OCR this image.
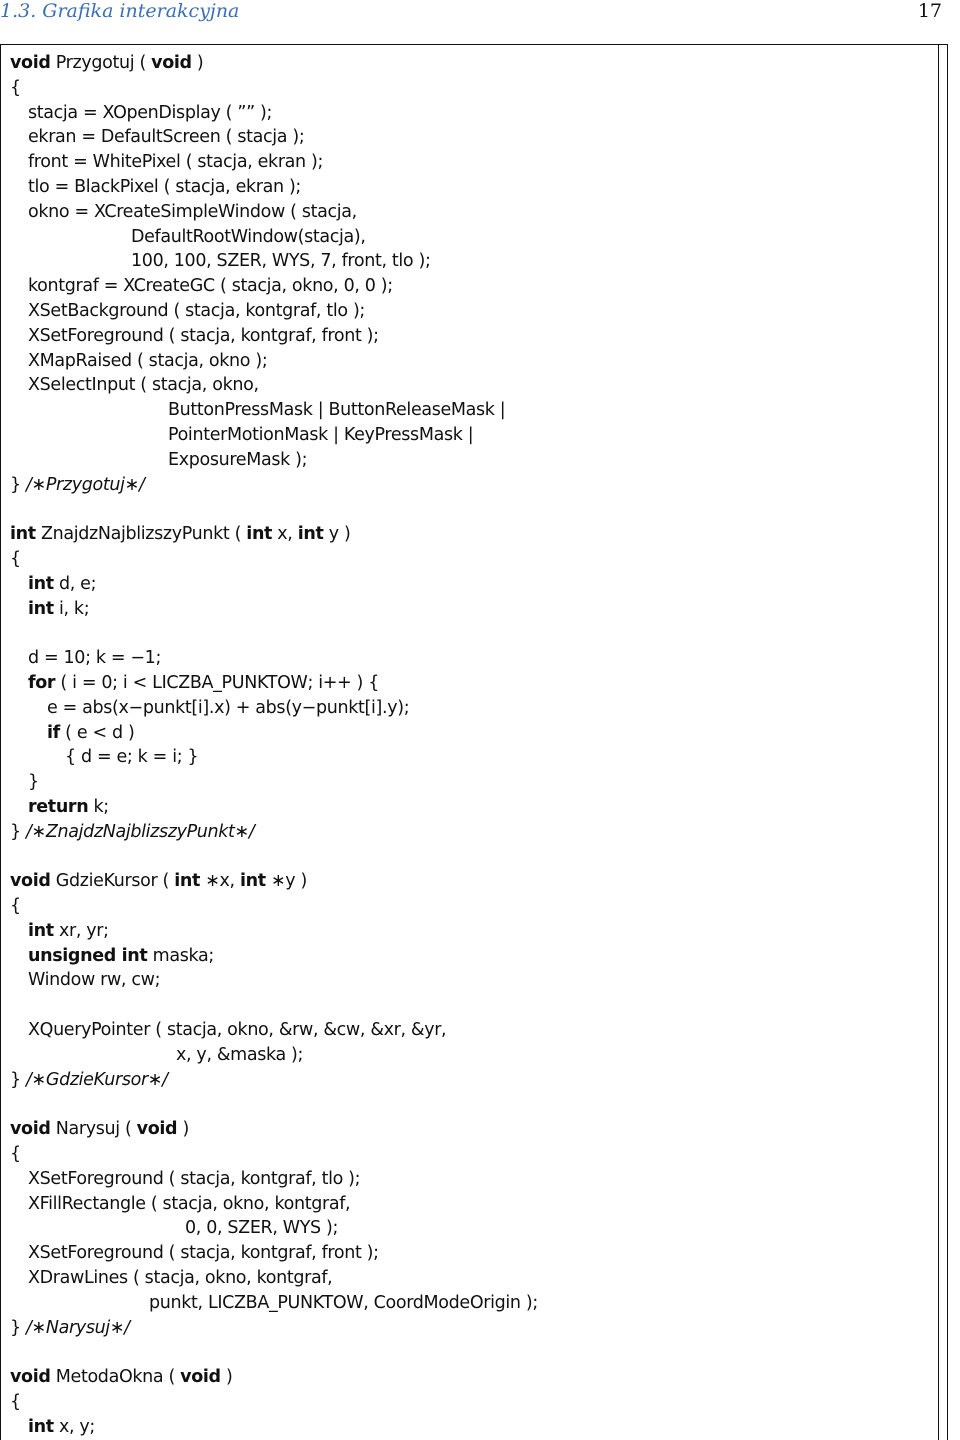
1.3. Grafika interakcyjna	17
void Przygotuj ( void )
{
stacja = XOpenDisplay ( ”” );
ekran = DefaultScreen ( stacja );
front = WhitePixel ( stacja, ekran );
tlo = BlackPixel ( stacja, ekran );
okno = XCreateSimpleWindow ( stacja,
DefaultRootWindow(stacja),
100, 100, SZER, WYS, 7, front, tlo );
kontgraf = XCreateGC ( stacja, okno, 0, 0 );
XSetBackground ( stacja, kontgraf, tlo );
XSetForeground ( stacja, kontgraf, front );
XMapRaised ( stacja, okno );
XSelectInput ( stacja, okno,
ButtonPressMask | ButtonReleaseMask |
PointerMotionMask | KeyPressMask |
ExposureMask );
} /∗Przygotuj∗/
int ZnajdzNajblizszyPunkt ( int x, int y )
{
int d, e;
int i, k;
d = 10; k = −1;
for ( i = 0; i < LICZBA_PUNKTOW; i++ ) {
e = abs(x−punkt[i].x) + abs(y−punkt[i].y);
if ( e < d )
{ d = e; k = i; }
}
return k;
} /∗ZnajdzNajblizszyPunkt∗/
void GdzieKursor ( int ∗x, int ∗y )
{
int xr, yr;
unsigned int maska;
Window rw, cw;
XQueryPointer ( stacja, okno, &rw, &cw, &xr, &yr,
x, y, &maska );
} /∗GdzieKursor∗/
void Narysuj ( void )
{
XSetForeground ( stacja, kontgraf, tlo );
XFillRectangle ( stacja, okno, kontgraf,
0, 0, SZER, WYS );
XSetForeground ( stacja, kontgraf, front );
XDrawLines ( stacja, okno, kontgraf,
punkt, LICZBA_PUNKTOW, CoordModeOrigin );
} /∗Narysuj∗/
void MetodaOkna ( void )
{
int x, y;
